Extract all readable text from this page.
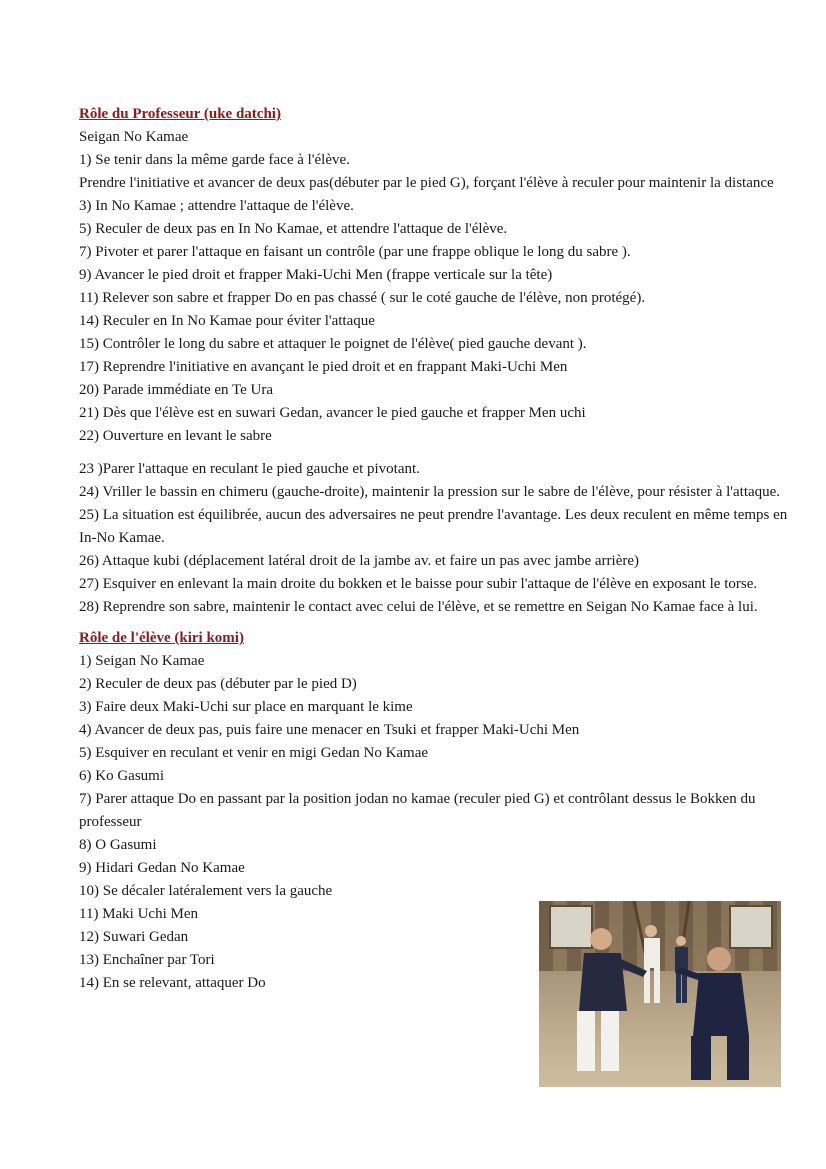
Rôle du Professeur (uke datchi)
Seigan No Kamae
1) Se tenir dans la même garde face à l'élève.
Prendre l'initiative et avancer de deux pas(débuter par le pied G), forçant l'élève à reculer pour maintenir la distance
3) In No Kamae ; attendre l'attaque de l'élève.
5) Reculer de deux pas en In No Kamae, et attendre l'attaque de l'élève.
7) Pivoter et parer l'attaque en faisant un contrôle (par une frappe oblique le long du sabre ).
9) Avancer le pied droit et frapper Maki-Uchi Men (frappe verticale sur la tête)
11) Relever son sabre et frapper Do en pas chassé ( sur le coté gauche de l'élève, non protégé).
14) Reculer en In No Kamae pour éviter l'attaque
15) Contrôler le long du sabre et attaquer le poignet de l'élève( pied gauche devant ).
17) Reprendre l'initiative en avançant le pied droit et en frappant Maki-Uchi Men
20) Parade immédiate en Te Ura
21) Dès que l'élève est en suwari Gedan, avancer le pied gauche et frapper Men uchi
22) Ouverture en levant le sabre
23 )Parer l'attaque en reculant le pied gauche et pivotant.
24) Vriller le bassin en chimeru (gauche-droite), maintenir la pression sur le sabre de l'élève, pour résister à l'attaque.
25) La situation est équilibrée, aucun des adversaires ne peut prendre l'avantage. Les deux reculent en même temps en In-No Kamae.
26) Attaque kubi (déplacement latéral droit de la jambe av. et faire un pas avec jambe arrière)
27) Esquiver en enlevant la main droite du bokken et le baisse pour subir l'attaque de l'élève en exposant le torse.
28) Reprendre son sabre, maintenir le contact avec celui de l'élève, et se remettre en Seigan No Kamae face à lui.
Rôle de l'élève (kiri komi)
1) Seigan No Kamae
2) Reculer de deux pas (débuter par le pied D)
3) Faire deux Maki-Uchi sur place en marquant le kime
4) Avancer de deux pas, puis faire une menacer en Tsuki et frapper Maki-Uchi Men
5) Esquiver en reculant et venir en migi Gedan No Kamae
6) Ko Gasumi
7) Parer attaque Do en passant par la position jodan no kamae (reculer pied G) et contrôlant dessus le Bokken du professeur
8) O Gasumi
9) Hidari Gedan No Kamae
10) Se décaler latéralement vers la gauche
11) Maki Uchi Men
12) Suwari Gedan
13) Enchaîner par Tori
14) En se relevant, attaquer Do
